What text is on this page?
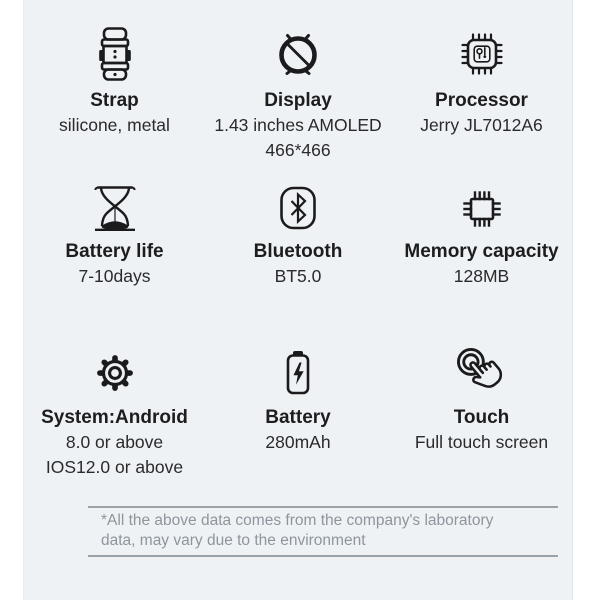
Strap
silicone, metal
Display
1.43 inches AMOLED
466*466
Processor
Jerry JL7012A6
Battery life
7-10days
Bluetooth
BT5.0
Memory capacity
128MB
System:Android
8.0 or above
IOS12.0 or above
Battery
280mAh
Touch
Full touch screen
*All the above data comes from the company's laboratory
data, may vary due to the environment
